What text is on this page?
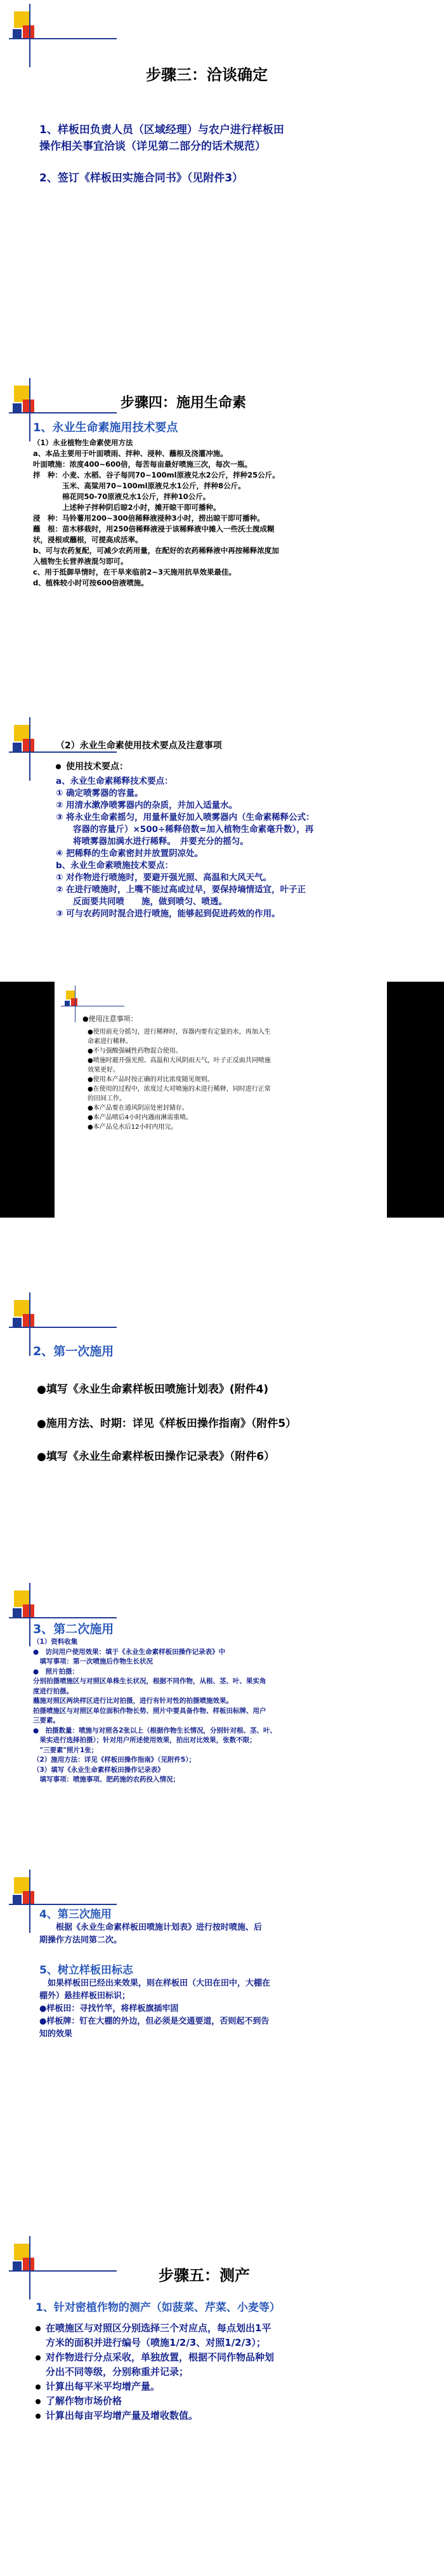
步骤三：洽谈确定
1、样板田负责人员（区域经理）与农户进行样板田
操作相关事宜洽谈（详见第二部分的话术规范）
2、签订《样板田实施合同书》（见附件3）
步骤四：施用生命素
1、永业生命素施用技术要点
（1）永业植物生命素使用方法
a、本品主要用于叶面喷雨、拌种、浸种、蘸根及浇灌冲施。
叶面喷施：浓度400~600倍，每苦每亩最好喷施三次，每次一瓶。
拌　种：小麦、水稻、谷子每同70~100ml原液兑水2公斤，拌种25公斤。
　　　　玉米、高粱用70~100ml原液兑水1公斤，拌种8公斤。
　　　　棉花同50-70原液兑水1公斤，拌种10公斤。
　　　　上述种子拌种阴后晾2小时，摊开晾干即可播种。
浸　种：马铃薯用200~300倍稀释液浸种3小时，捞出晾干即可播种。
蘸　根：苗木移栽时，用250倍稀释液浸于该稀释液中摊入一些沃土搅成糊
状，浸根或蘸根，可提高成活率。
b、可与农药复配，可减少农药用量，在配好的农药稀释液中再按稀释浓度加
入植物生长营养液混匀即可。
c、用于抵御旱情时，在干旱来临前2~3天施用抗旱效果最佳。
d、植株较小时可按600倍液喷施。
（2）永业生命素使用技术要点及注意事项
使用技术要点：
a、永业生命素稀释技术要点：
① 确定喷雾器的容量。
② 用清水漱净喷雾器内的杂质，并加入适量水。
③ 将永业生命素摇匀，用量杯量好加入喷雾器内（生命素稀释公式：
　　容器的容量斤）×500÷稀释倍数=加入植物生命素毫升数），再
　　将喷雾器加满水进行稀释。　并要充分的摇匀。
④ 把稀释的生命素密封并放置阴凉处。
b、永业生命素喷施技术要点：
① 对作物进行喷施时，要避开强光照、高温和大风天气。
② 在进行喷施时，上嘴不能过高或过早，要保持墒情适宜，叶子正
　　反面要共同喷　　施，做到喷匀、喷透。
③ 可与农药同时混合进行喷施，能够起到促进药效的作用。
●使用注意事项：
●使用前充分摇匀，进行稀释时，容器内要有定量的水，再加入生
命素进行稀释。
●不与强酸强碱性药物混合使用。
●喷施时避开强光照、高温和大风阴雨天气，叶子正反面共同喷施
效果更好。
●使用本产品时按正确的对比浓度随见规则。
●在使用的过程中，浓度过大对喷施的未进行稀释，同时进行正常
的田间工作。
●本产品要在通风阴凉处密封储存。
●本产品喷后4小时内遇雨淋需重喷。
●本产品兑水后12小时内用完。
2、第一次施用
●填写《永业生命素样板田喷施计划表》(附件4)
●施用方法、时期：详见《样板田操作指南》（附件5）
●填写《永业生命素样板田操作记录表》（附件6）
3、第二次施用
（1）资料收集
●　访问用户使用效果：填于《永业生命素样板田操作记录表》中
　填写事项：第一次喷施后作物生长状况
●　照片拍摄：
分别拍摄喷施区与对照区单株生长状况，根据不同作物，从根、茎、叶、果实角
度进行拍摄。
蘸施对照区两块样区进行比对拍摄，进行有针对性的拍摄喷施效果。
拍摄喷施区与对照区单位面积作物长势、照片中要具备作物、样板田标牌、用户
三要素。
●　拍摄数量：喷施与对照各2张以上（根据作物生长情况，分别针对根、茎、叶、
　果实进行选择拍摄）；针对用户所述使用效果，拍出对比效果，张数不限；
　"三要素"照片1张；
（2）施用方法：详见《样板田操作指南》（见附件5）；
（3）填写《永业生命素样板田操作记录表》
　填写事项：喷施事项、肥药施的农药投入情况；
4、第三次施用
　　根据《永业生命素样板田喷施计划表》进行按时喷施、后
期操作方法同第二次。
5、树立样板田标志
　如果样板田已经出来效果，则在样板田（大田在田中，大棚在
棚外）悬挂样板田标识；
●样板田：寻找竹竿，将样板旗插牢固
●样板牌：钉在大棚的外边，但必须是交通要道，否则起不到告
知的效果
步骤五：测产
1、针对密植作物的测产（如菠菜、芹菜、小麦等）
在喷施区与对照区分别选择三个对应点，每点划出1平
方米的面积并进行编号（喷施1/2/3、对照1/2/3）；
对作物进行分点采收，单独放置，根据不同作物品种划
分出不同等级，分别称重并记录；
计算出每平米平均增产量。
了解作物市场价格
计算出每亩平均增产量及增收数值。
